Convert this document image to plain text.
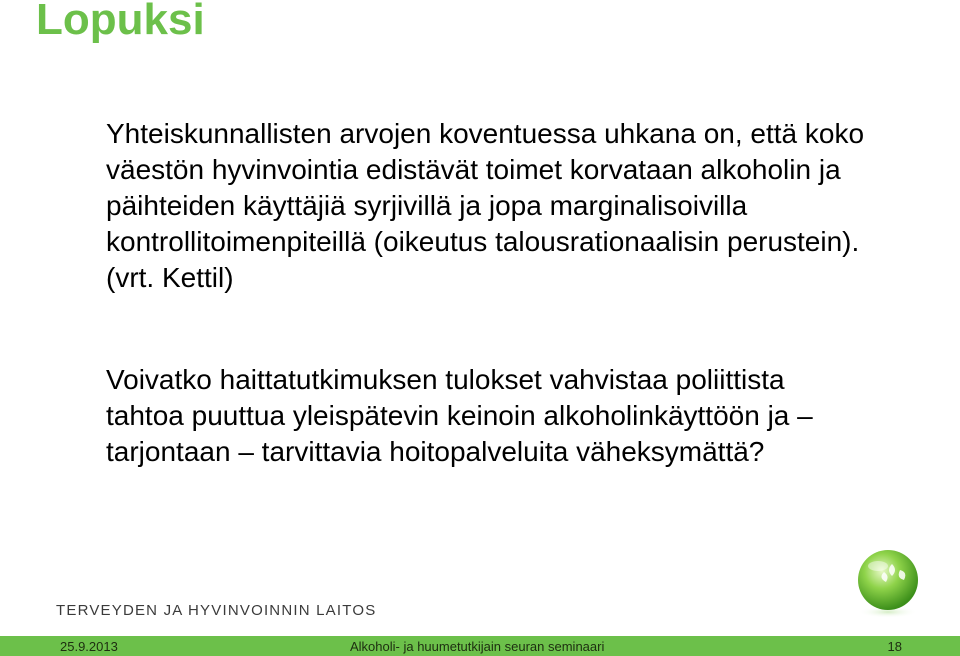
Lopuksi

Yhteiskunnallisten arvojen koventuessa uhkana on, että koko väestön hyvinvointia edistävät toimet korvataan alkoholin ja päihteiden käyttäjiä syrjivillä ja jopa marginalisoivilla kontrollitoimenpiteillä (oikeutus talousrationaalisin perustein). (vrt. Kettil)

Voivatko haittatutkimuksen tulokset vahvistaa poliittista tahtoa puuttua yleispätevin keinoin alkoholinkäyttöön ja – tarjontaan – tarvittavia hoitopalveluita väheksymättä?

TERVEYDEN JA HYVINVOINNIN LAITOS
25.9.2013	Alkoholi- ja huumetutkijain seuran seminaari	18
